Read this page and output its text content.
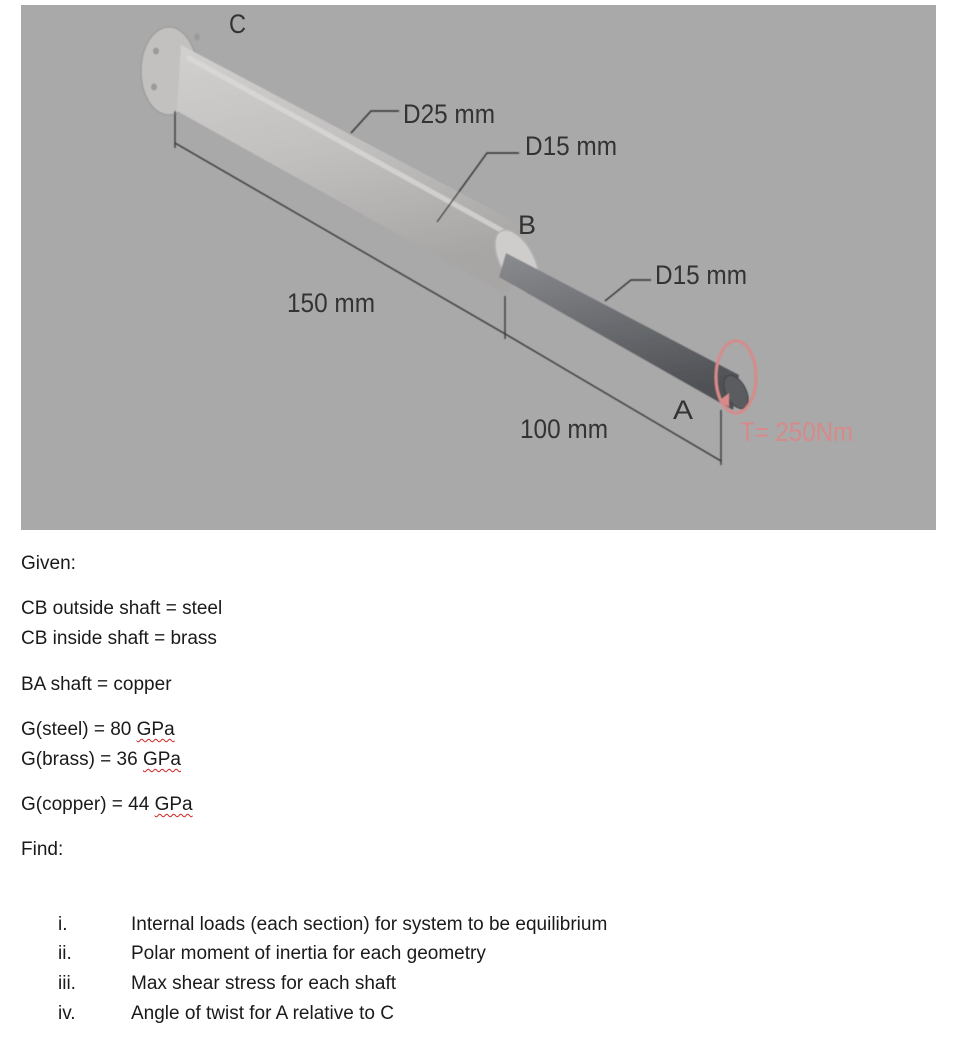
C
D25 mm
D15 mm
B
D15 mm
150 mm
A
100 mm	T= 250Nm
Given:
CB outside shaft = steel
CB inside shaft = brass
BA shaft = copper
G(steel) = 80 GPa
G(brass) = 36 GPa
G(copper) = 44 GPa
Find:
i.	Internal loads (each section) for system to be equilibrium
ii.	Polar moment of inertia for each geometry
iii.	Max shear stress for each shaft
iv.	Angle of twist for A relative to C
